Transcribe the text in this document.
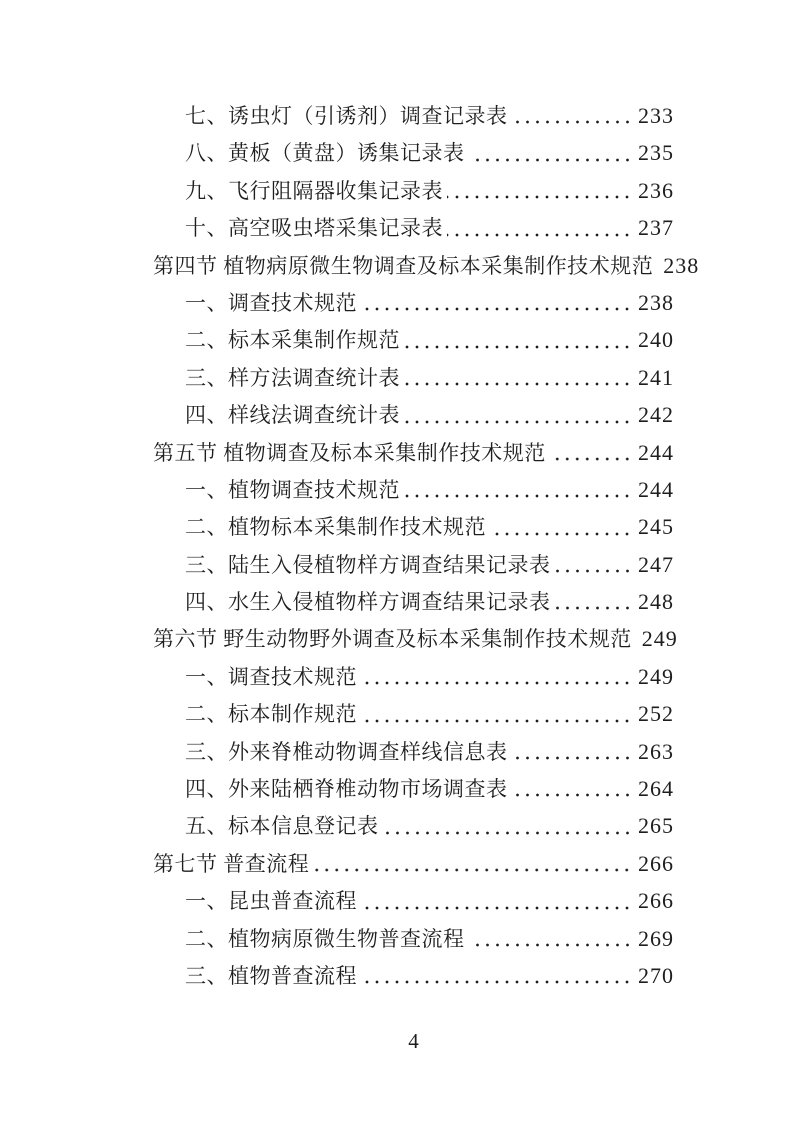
七、诱虫灯（引诱剂）调查记录表	233
八、黄板（黄盘）诱集记录表	235
九、飞行阻隔器收集记录表	236
十、高空吸虫塔采集记录表	237
第四节 植物病原微生物调查及标本采集制作技术规范 238
一、调查技术规范	238
二、标本采集制作规范	240
三、样方法调查统计表	241
四、样线法调查统计表	242
第五节 植物调查及标本采集制作技术规范	244
一、植物调查技术规范	244
二、植物标本采集制作技术规范	245
三、陆生入侵植物样方调查结果记录表	247
四、水生入侵植物样方调查结果记录表	248
第六节 野生动物野外调查及标本采集制作技术规范 249
一、调查技术规范	249
二、标本制作规范	252
三、外来脊椎动物调查样线信息表	263
四、外来陆栖脊椎动物市场调查表	264
五、标本信息登记表	265
第七节 普查流程	266
一、昆虫普查流程	266
二、植物病原微生物普查流程	269
三、植物普查流程	270
4
